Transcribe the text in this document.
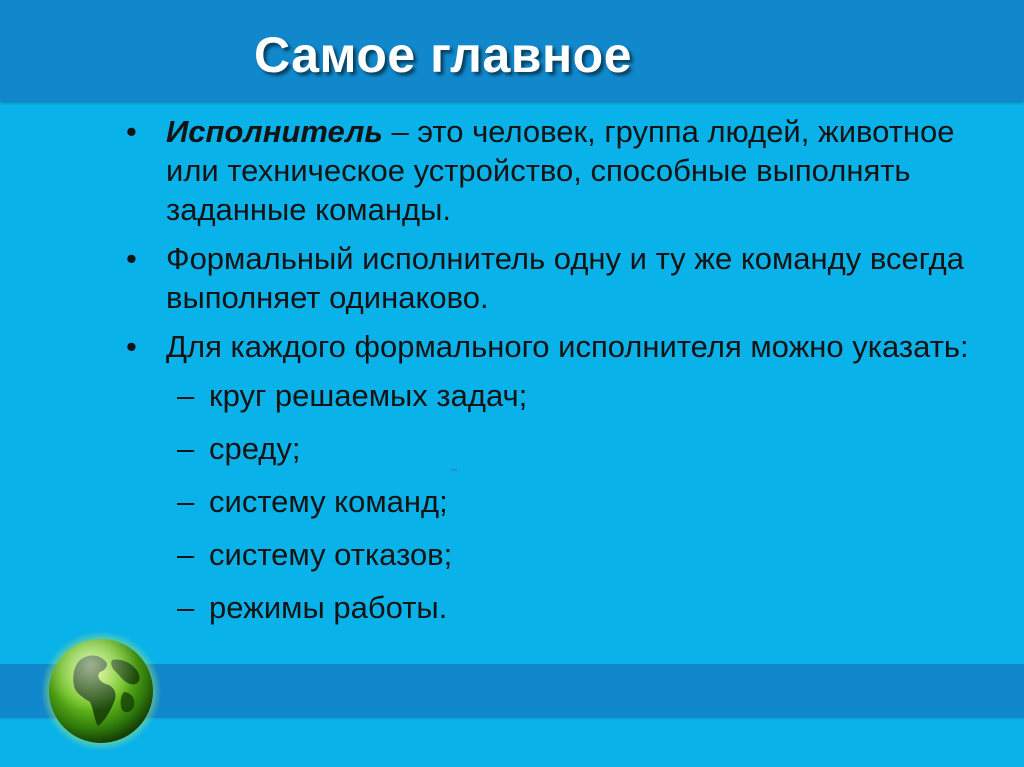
Самое главное
• Исполнитель – это человек, группа людей, животное или техническое устройство, способные выполнять заданные команды.
• Формальный исполнитель одну и ту же команду всегда выполняет одинаково.
• Для каждого формального исполнителя можно указать:
– круг решаемых задач;
– среду;
– систему команд;
– систему отказов;
– режимы работы.
